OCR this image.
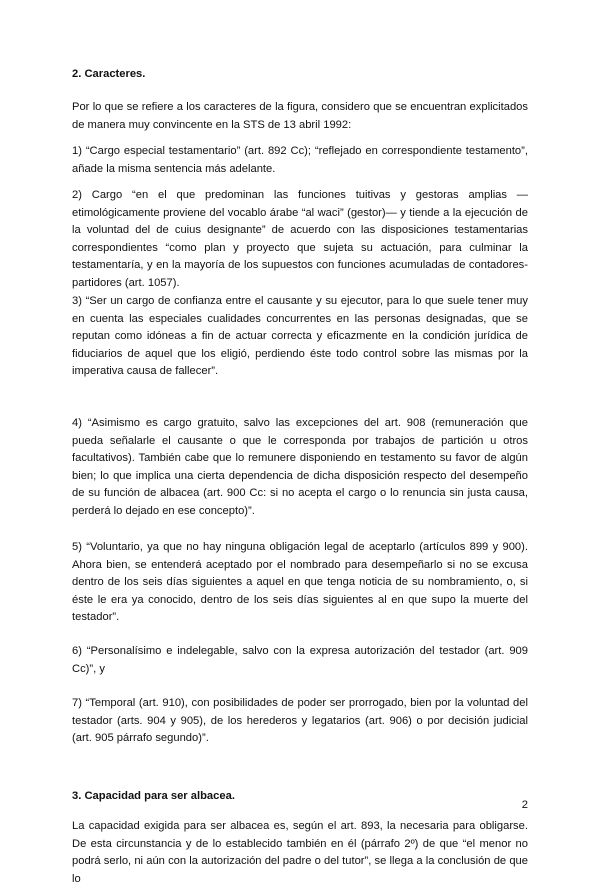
2. Caracteres.

Por lo que se refiere a los caracteres de la figura, considero que se encuentran explicitados de manera muy convincente en la STS de 13 abril 1992:

1) “Cargo especial testamentario” (art. 892 Cc); “reflejado en correspondiente testamento”, añade la misma sentencia más adelante.

2) Cargo “en el que predominan las funciones tuitivas y gestoras amplias —etimológicamente proviene del vocablo árabe “al waci” (gestor)— y tiende a la ejecución de la voluntad del de cuius designante” de acuerdo con las disposiciones testamentarias correspondientes “como plan y proyecto que sujeta su actuación, para culminar la testamentaría, y en la mayoría de los supuestos con funciones acumuladas de contadores-partidores (art. 1057).

3) “Ser un cargo de confianza entre el causante y su ejecutor, para lo que suele tener muy en cuenta las especiales cualidades concurrentes en las personas designadas, que se reputan como idóneas a fin de actuar correcta y eficazmente en la condición jurídica de fiduciarios de aquel que los eligió, perdiendo éste todo control sobre las mismas por la imperativa causa de fallecer”.

4) “Asimismo es cargo gratuito, salvo las excepciones del art. 908 (remuneración que pueda señalarle el causante o que le corresponda por trabajos de partición u otros facultativos). También cabe que lo remunere disponiendo en testamento su favor de algún bien; lo que implica una cierta dependencia de dicha disposición respecto del desempeño de su función de albacea (art. 900 Cc: si no acepta el cargo o lo renuncia sin justa causa, perderá lo dejado en ese concepto)”.

5) “Voluntario, ya que no hay ninguna obligación legal de aceptarlo (artículos 899 y 900). Ahora bien, se entenderá aceptado por el nombrado para desempeñarlo si no se excusa dentro de los seis días siguientes a aquel en que tenga noticia de su nombramiento, o, si éste le era ya conocido, dentro de los seis días siguientes al en que supo la muerte del testador”.

6) “Personalísimo e indelegable, salvo con la expresa autorización del testador (art. 909 Cc)”, y

7) “Temporal (art. 910), con posibilidades de poder ser prorrogado, bien por la voluntad del testador (arts. 904 y 905), de los herederos y legatarios (art. 906) o por decisión judicial (art. 905 párrafo segundo)”.

3. Capacidad para ser albacea.

La capacidad exigida para ser albacea es, según el art. 893, la necesaria para obligarse. De esta circunstancia y de lo establecido también en él (párrafo 2º) de que “el menor no podrá serlo, ni aún con la autorización del padre o del tutor”, se llega a la conclusión de que lo

2
